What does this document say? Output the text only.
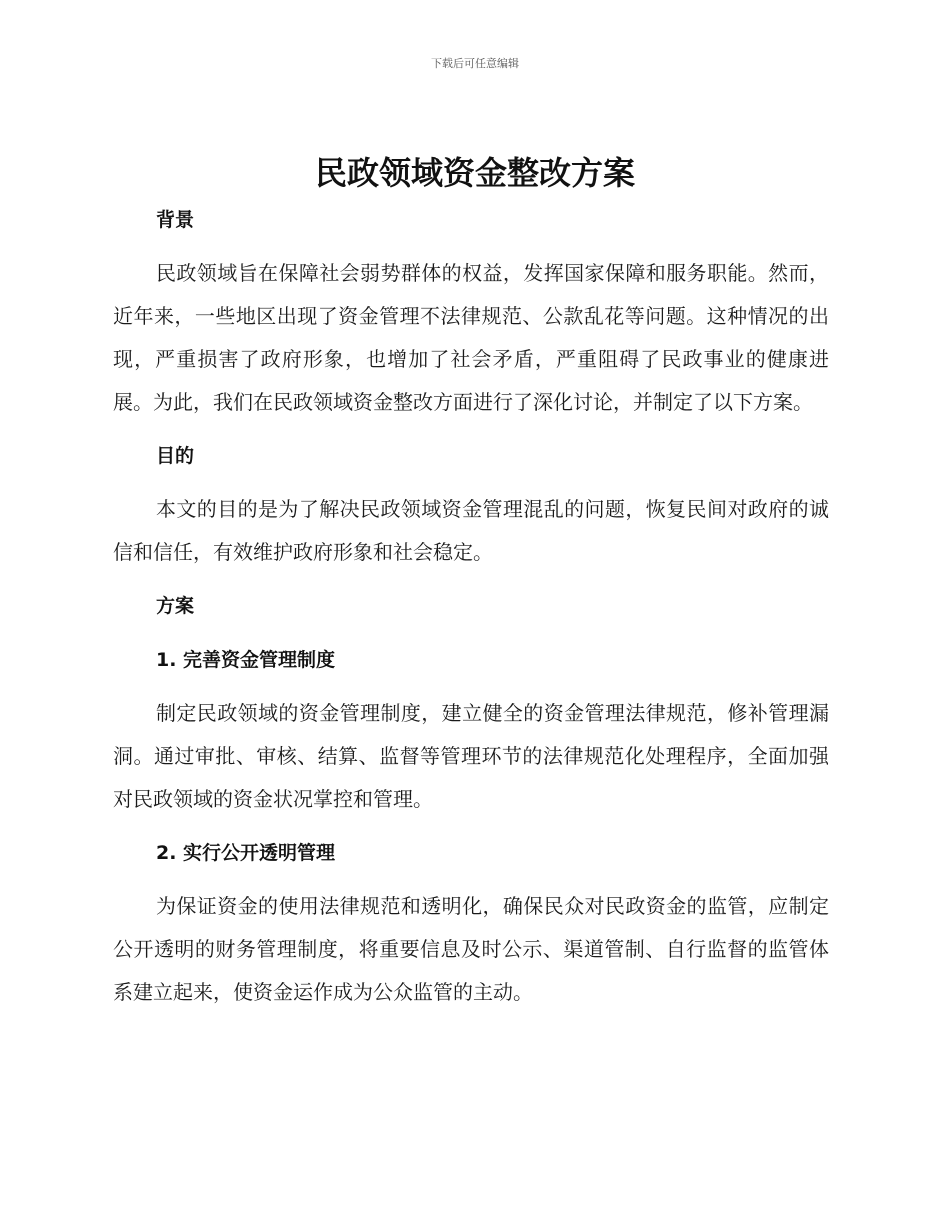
下载后可任意编辑
民政领域资金整改方案
背景

民政领域旨在保障社会弱势群体的权益，发挥国家保障和服务职能。然而，近年来，一些地区出现了资金管理不法律规范、公款乱花等问题。这种情况的出现，严重损害了政府形象，也增加了社会矛盾，严重阻碍了民政事业的健康进展。为此，我们在民政领域资金整改方面进行了深化讨论，并制定了以下方案。

目的

本文的目的是为了解决民政领域资金管理混乱的问题，恢复民间对政府的诚信和信任，有效维护政府形象和社会稳定。

方案
1. 完善资金管理制度

制定民政领域的资金管理制度，建立健全的资金管理法律规范，修补管理漏洞。通过审批、审核、结算、监督等管理环节的法律规范化处理程序，全面加强对民政领域的资金状况掌控和管理。

2. 实行公开透明管理

为保证资金的使用法律规范和透明化，确保民众对民政资金的监管，应制定公开透明的财务管理制度，将重要信息及时公示、渠道管制、自行监督的监管体系建立起来，使资金运作成为公众监管的主动。
